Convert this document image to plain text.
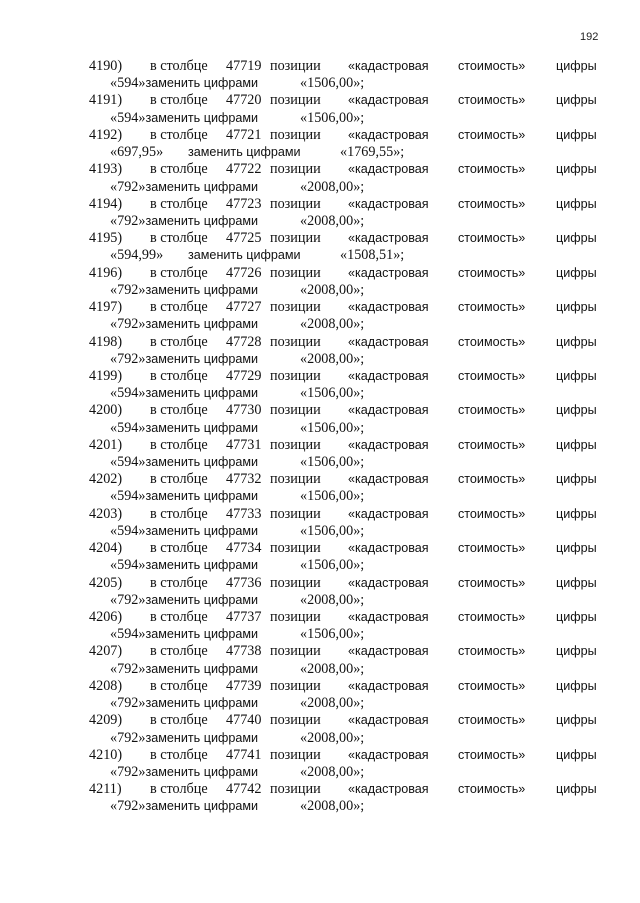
192
4190) в столбце 47719 позиции «кадастровая стоимость» цифры
«594» заменить цифрами	«1506,00»;
4191) в столбце 47720 позиции «кадастровая стоимость» цифры
«594» заменить цифрами	«1506,00»;
4192) в столбце 47721 позиции «кадастровая стоимость» цифры
«697,95» заменить цифрами	«1769,55»;
4193) в столбце 47722 позиции «кадастровая стоимость» цифры
«792» заменить цифрами	«2008,00»;
4194) в столбце 47723 позиции «кадастровая стоимость» цифры
«792» заменить цифрами	«2008,00»;
4195) в столбце 47725 позиции «кадастровая стоимость» цифры
«594,99» заменить цифрами	«1508,51»;
4196) в столбце 47726 позиции «кадастровая стоимость» цифры
«792» заменить цифрами	«2008,00»;
4197) в столбце 47727 позиции «кадастровая стоимость» цифры
«792» заменить цифрами	«2008,00»;
4198) в столбце 47728 позиции «кадастровая стоимость» цифры
«792» заменить цифрами	«2008,00»;
4199) в столбце 47729 позиции «кадастровая стоимость» цифры
«594» заменить цифрами	«1506,00»;
4200) в столбце 47730 позиции «кадастровая стоимость» цифры
«594» заменить цифрами	«1506,00»;
4201) в столбце 47731 позиции «кадастровая стоимость» цифры
«594» заменить цифрами	«1506,00»;
4202) в столбце 47732 позиции «кадастровая стоимость» цифры
«594» заменить цифрами	«1506,00»;
4203) в столбце 47733 позиции «кадастровая стоимость» цифры
«594» заменить цифрами	«1506,00»;
4204) в столбце 47734 позиции «кадастровая стоимость» цифры
«594» заменить цифрами	«1506,00»;
4205) в столбце 47736 позиции «кадастровая стоимость» цифры
«792» заменить цифрами	«2008,00»;
4206) в столбце 47737 позиции «кадастровая стоимость» цифры
«594» заменить цифрами	«1506,00»;
4207) в столбце 47738 позиции «кадастровая стоимость» цифры
«792» заменить цифрами	«2008,00»;
4208) в столбце 47739 позиции «кадастровая стоимость» цифры
«792» заменить цифрами	«2008,00»;
4209) в столбце 47740 позиции «кадастровая стоимость» цифры
«792» заменить цифрами	«2008,00»;
4210) в столбце 47741 позиции «кадастровая стоимость» цифры
«792» заменить цифрами	«2008,00»;
4211) в столбце 47742 позиции «кадастровая стоимость» цифры
«792» заменить цифрами	«2008,00»;
